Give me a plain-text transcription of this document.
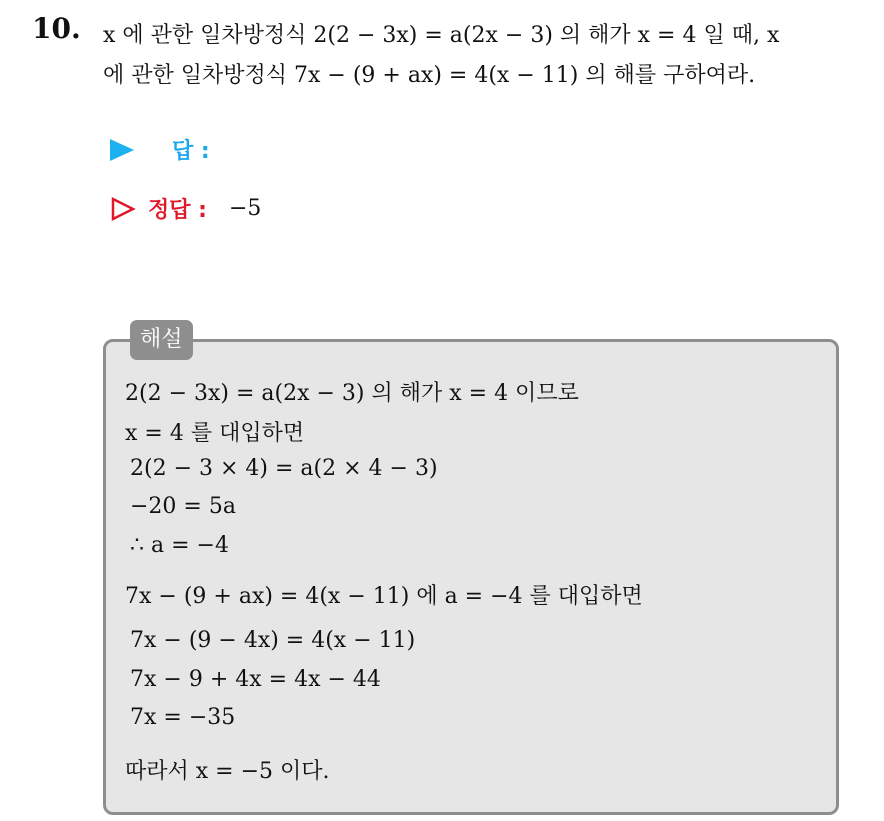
10. x 에 관한 일차방정식 2(2 − 3x) = a(2x − 3) 의 해가 x = 4 일 때, x
에 관한 일차방정식 7x − (9 + ax) = 4(x − 11) 의 해를 구하여라.
답 :
정답 : −5
해설
2(2 − 3x) = a(2x − 3) 의 해가 x = 4 이므로
x = 4 를 대입하면
2(2 − 3 × 4) = a(2 × 4 − 3)
−20 = 5a
∴ a = −4
7x − (9 + ax) = 4(x − 11) 에 a = −4 를 대입하면
7x − (9 − 4x) = 4(x − 11)
7x − 9 + 4x = 4x − 44
7x = −35
따라서 x = −5 이다.
